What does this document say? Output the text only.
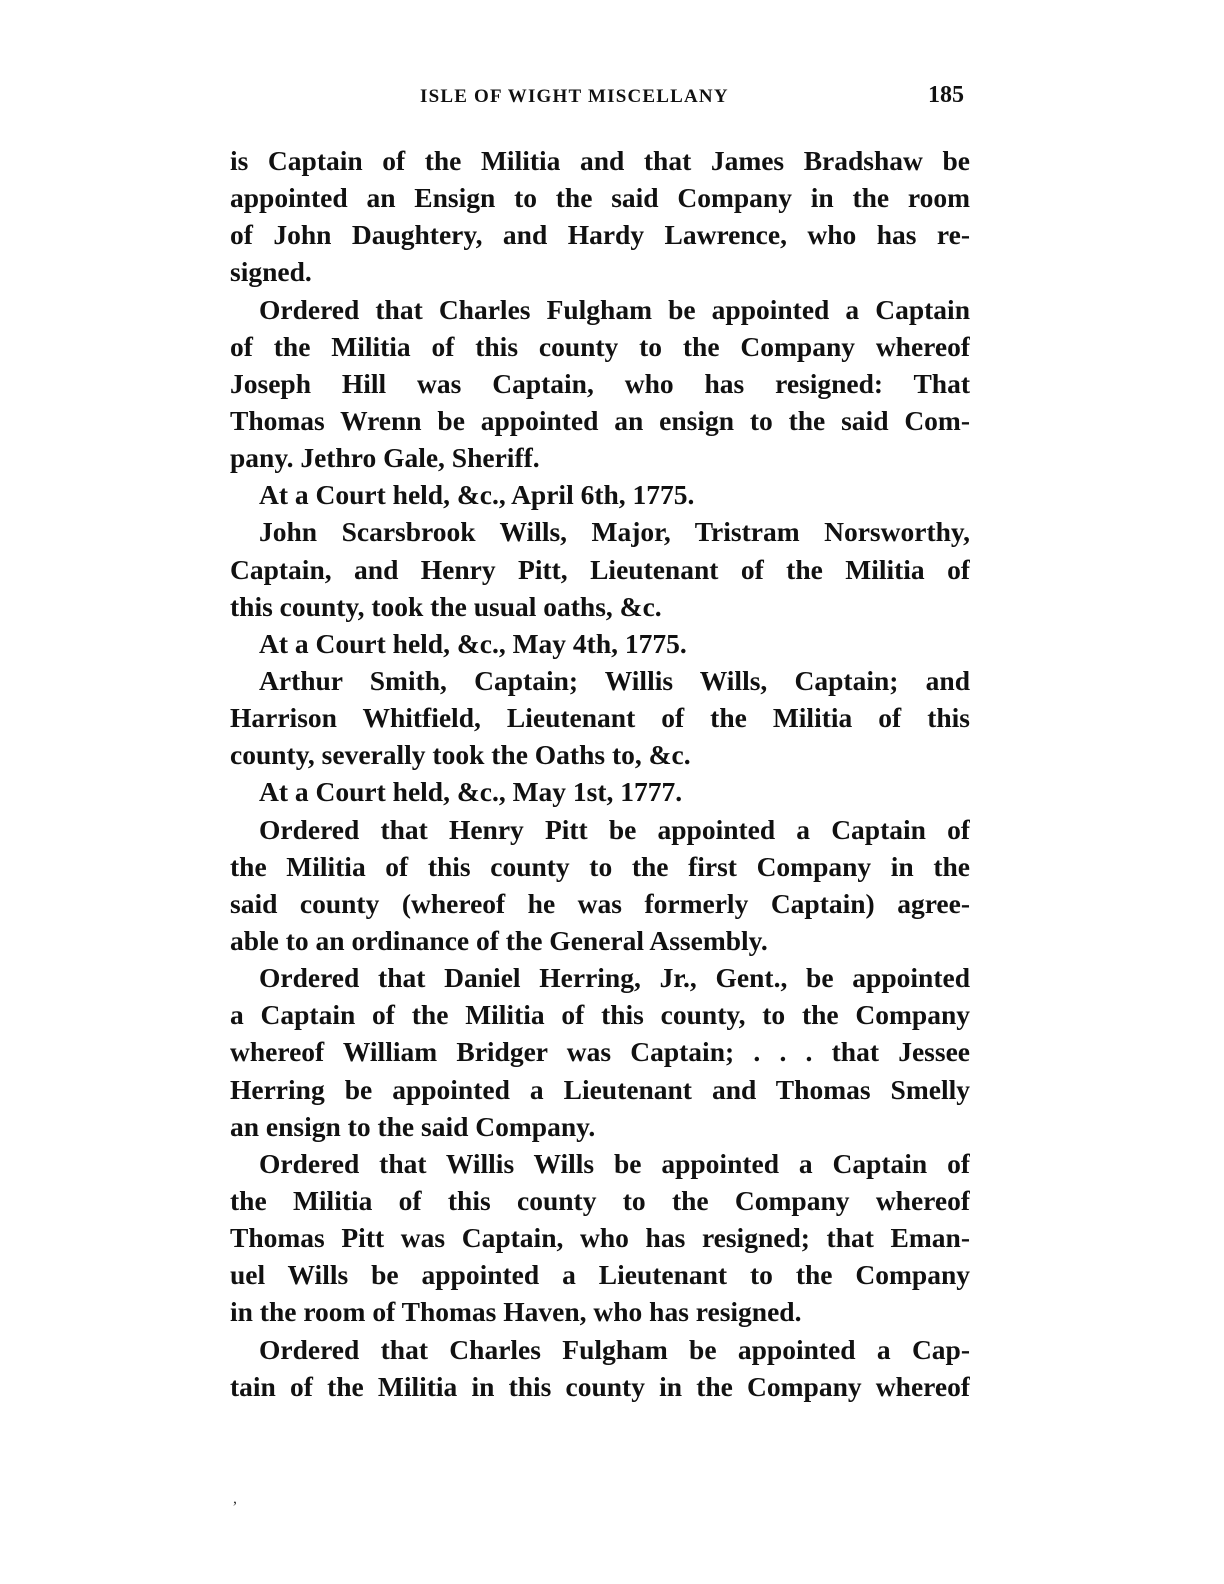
ISLE OF WIGHT MISCELLANY	185
is Captain of the Militia and that James Bradshaw be
appointed an Ensign to the said Company in the room
of John Daughtery, and Hardy Lawrence, who has re-
signed.
Ordered that Charles Fulgham be appointed a Captain
of the Militia of this county to the Company whereof
Joseph Hill was Captain, who has resigned: That
Thomas Wrenn be appointed an ensign to the said Com-
pany. Jethro Gale, Sheriff.
At a Court held, &c., April 6th, 1775.
John Scarsbrook Wills, Major, Tristram Norsworthy,
Captain, and Henry Pitt, Lieutenant of the Militia of
this county, took the usual oaths, &c.
At a Court held, &c., May 4th, 1775.
Arthur Smith, Captain; Willis Wills, Captain; and
Harrison Whitfield, Lieutenant of the Militia of this
county, severally took the Oaths to, &c.
At a Court held, &c., May 1st, 1777.
Ordered that Henry Pitt be appointed a Captain of
the Militia of this county to the first Company in the
said county (whereof he was formerly Captain) agree-
able to an ordinance of the General Assembly.
Ordered that Daniel Herring, Jr., Gent., be appointed
a Captain of the Militia of this county, to the Company
whereof William Bridger was Captain; . . . that Jessee
Herring be appointed a Lieutenant and Thomas Smelly
an ensign to the said Company.
Ordered that Willis Wills be appointed a Captain of
the Militia of this county to the Company whereof
Thomas Pitt was Captain, who has resigned; that Eman-
uel Wills be appointed a Lieutenant to the Company
in the room of Thomas Haven, who has resigned.
Ordered that Charles Fulgham be appointed a Cap-
tain of the Militia in this county in the Company whereof
,
